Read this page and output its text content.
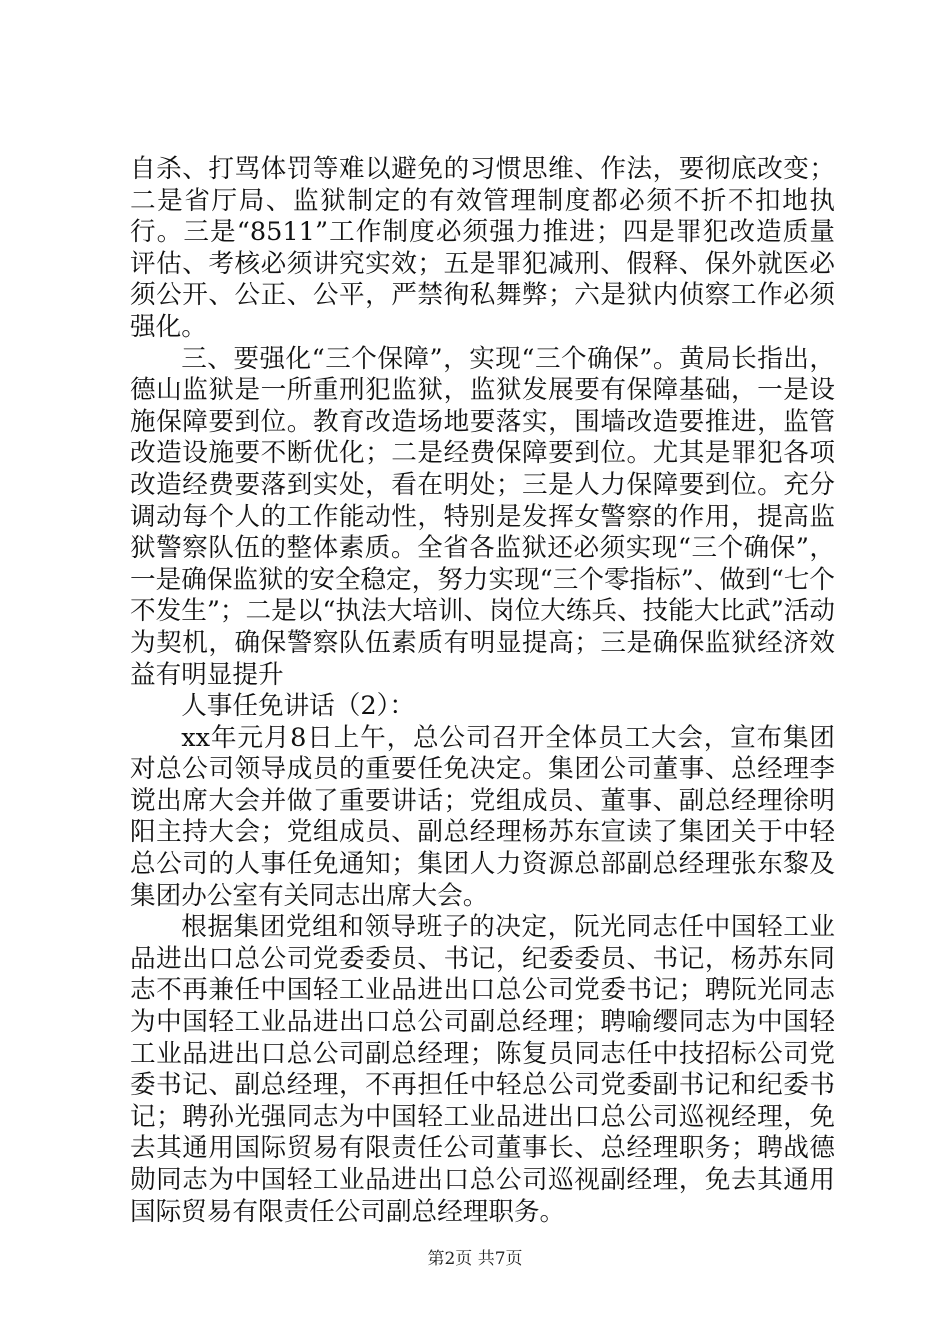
自杀、打骂体罚等难以避免的习惯思维、作法，要彻底改变；二是省厅局、监狱制定的有效管理制度都必须不折不扣地执行。三是“8511”工作制度必须强力推进；四是罪犯改造质量评估、考核必须讲究实效；五是罪犯减刑、假释、保外就医必须公开、公正、公平，严禁徇私舞弊；六是狱内侦察工作必须强化。

三、要强化“三个保障”，实现“三个确保”。黄局长指出，德山监狱是一所重刑犯监狱，监狱发展要有保障基础，一是设施保障要到位。教育改造场地要落实，围墙改造要推进，监管改造设施要不断优化；二是经费保障要到位。尤其是罪犯各项改造经费要落到实处，看在明处；三是人力保障要到位。充分调动每个人的工作能动性，特别是发挥女警察的作用，提高监狱警察队伍的整体素质。全省各监狱还必须实现“三个确保”，一是确保监狱的安全稳定，努力实现“三个零指标”、做到“七个不发生”；二是以“执法大培训、岗位大练兵、技能大比武”活动为契机，确保警察队伍素质有明显提高；三是确保监狱经济效益有明显提升

人事任免讲话（2）：

xx年元月8日上午，总公司召开全体员工大会，宣布集团对总公司领导成员的重要任免决定。集团公司董事、总经理李谠出席大会并做了重要讲话；党组成员、董事、副总经理徐明阳主持大会；党组成员、副总经理杨苏东宣读了集团关于中轻总公司的人事任免通知；集团人力资源总部副总经理张东黎及集团办公室有关同志出席大会。

根据集团党组和领导班子的决定，阮光同志任中国轻工业品进出口总公司党委委员、书记，纪委委员、书记，杨苏东同志不再兼任中国轻工业品进出口总公司党委书记；聘阮光同志为中国轻工业品进出口总公司副总经理；聘喻缨同志为中国轻工业品进出口总公司副总经理；陈复员同志任中技招标公司党委书记、副总经理，不再担任中轻总公司党委副书记和纪委书记；聘孙光强同志为中国轻工业品进出口总公司巡视经理，免去其通用国际贸易有限责任公司董事长、总经理职务；聘战德勋同志为中国轻工业品进出口总公司巡视副经理，免去其通用国际贸易有限责任公司副总经理职务。

第2页 共7页
